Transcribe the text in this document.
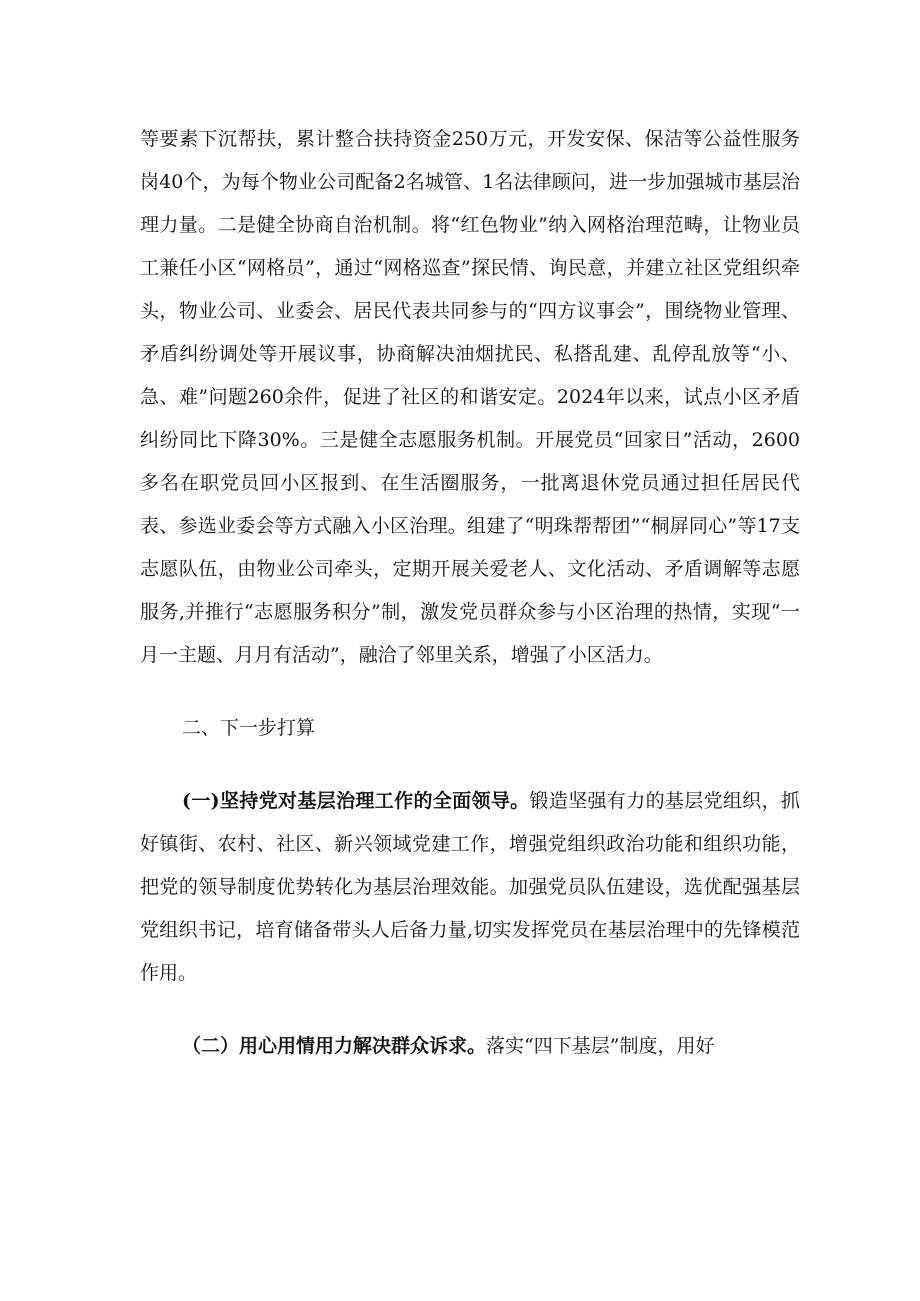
等要素下沉帮扶，累计整合扶持资金250万元，开发安保、保洁等公益性服务岗40个，为每个物业公司配备2名城管、1名法律顾问，进一步加强城市基层治理力量。二是健全协商自治机制。将“红色物业”纳入网格治理范畴，让物业员工兼任小区“网格员”，通过“网格巡查”探民情、询民意，并建立社区党组织牵头，物业公司、业委会、居民代表共同参与的“四方议事会”，围绕物业管理、矛盾纠纷调处等开展议事，协商解决油烟扰民、私搭乱建、乱停乱放等“小、急、难”问题260余件，促进了社区的和谐安定。2024年以来，试点小区矛盾纠纷同比下降30%。三是健全志愿服务机制。开展党员“回家日”活动，2600多名在职党员回小区报到、在生活圈服务，一批离退休党员通过担任居民代表、参选业委会等方式融入小区治理。组建了“明珠帮帮团”“桐屏同心”等17支志愿队伍，由物业公司牵头，定期开展关爱老人、文化活动、矛盾调解等志愿服务,并推行“志愿服务积分”制，激发党员群众参与小区治理的热情，实现“一月一主题、月月有活动”，融洽了邻里关系，增强了小区活力。

二、下一步打算

(一)坚持党对基层治理工作的全面领导。锻造坚强有力的基层党组织，抓好镇街、农村、社区、新兴领域党建工作，增强党组织政治功能和组织功能，把党的领导制度优势转化为基层治理效能。加强党员队伍建设，选优配强基层党组织书记，培育储备带头人后备力量,切实发挥党员在基层治理中的先锋模范作用。

（二）用心用情用力解决群众诉求。落实“四下基层”制度，用好
